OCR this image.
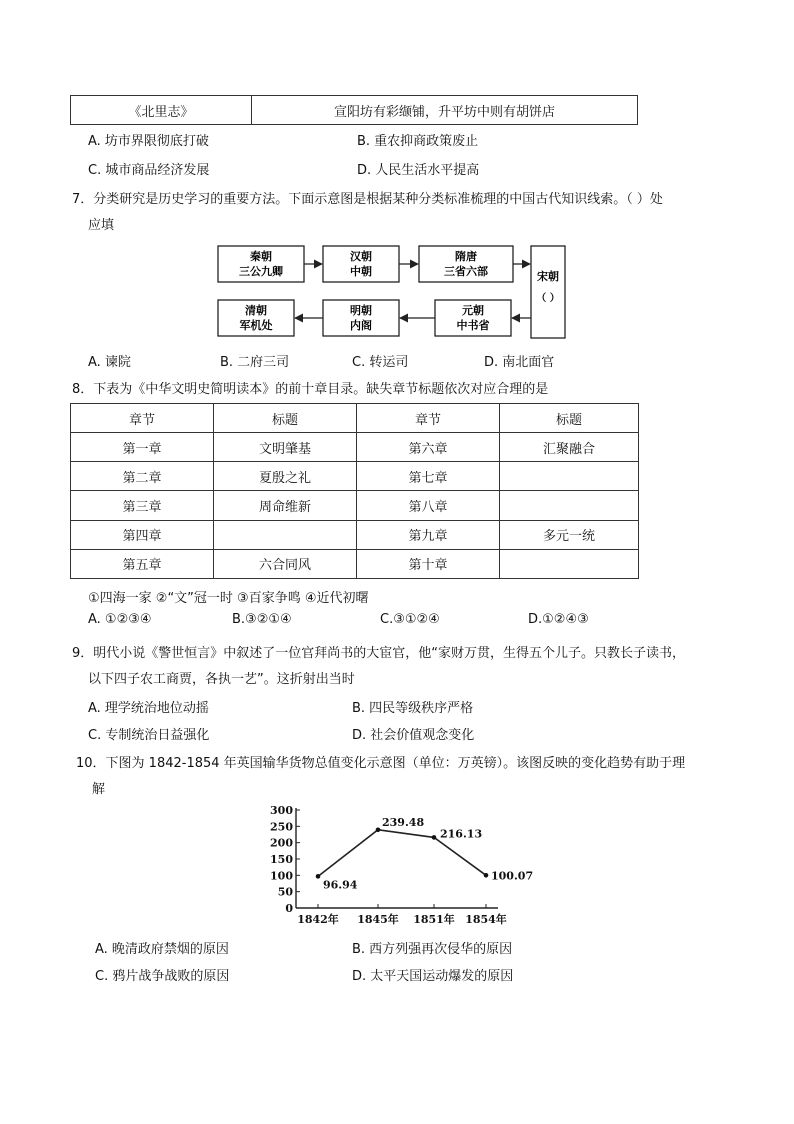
《北里志》	宣阳坊有彩缬铺，升平坊中则有胡饼店
A. 坊市界限彻底打破	B. 重农抑商政策废止
C. 城市商品经济发展	D. 人民生活水平提高
7．分类研究是历史学习的重要方法。下面示意图是根据某种分类标准梳理的中国古代知识线索。（ ）处
应填
秦朝
三公九卿
汉朝
中朝
隋唐
三省六部	宋朝
（ ）
清朝
军机处
明朝
内阁
元朝
中书省
A. 谏院	B. 二府三司	C. 转运司	D. 南北面官
8．下表为《中华文明史简明读本》的前十章目录。缺失章节标题依次对应合理的是
章节	标题	章节	标题
第一章	文明肇基	第六章	汇聚融合
第二章	夏殷之礼	第七章	
第三章	周命维新	第八章	
第四章		第九章	多元一统
第五章	六合同风	第十章	
①四海一家 ②“文”冠一时 ③百家争鸣 ④近代初曙
A. ①②③④	B.③②①④	C.③①②④	D.①②④③
9．明代小说《警世恒言》中叙述了一位官拜尚书的大宦官，他“家财万贯，生得五个儿子。只教长子读书，
以下四子农工商贾，各执一艺”。这折射出当时
A. 理学统治地位动摇	B. 四民等级秩序严格
C. 专制统治日益强化	D. 社会价值观念变化
10．下图为 1842-1854 年英国输华货物总值变化示意图（单位：万英镑）。该图反映的变化趋势有助于理
解
300
250
200
150
100
50
0
1842年 1845年 1851年 1854年
96.94
239.48
216.13
100.07
A. 晚清政府禁烟的原因	B. 西方列强再次侵华的原因
C. 鸦片战争战败的原因	D. 太平天国运动爆发的原因
